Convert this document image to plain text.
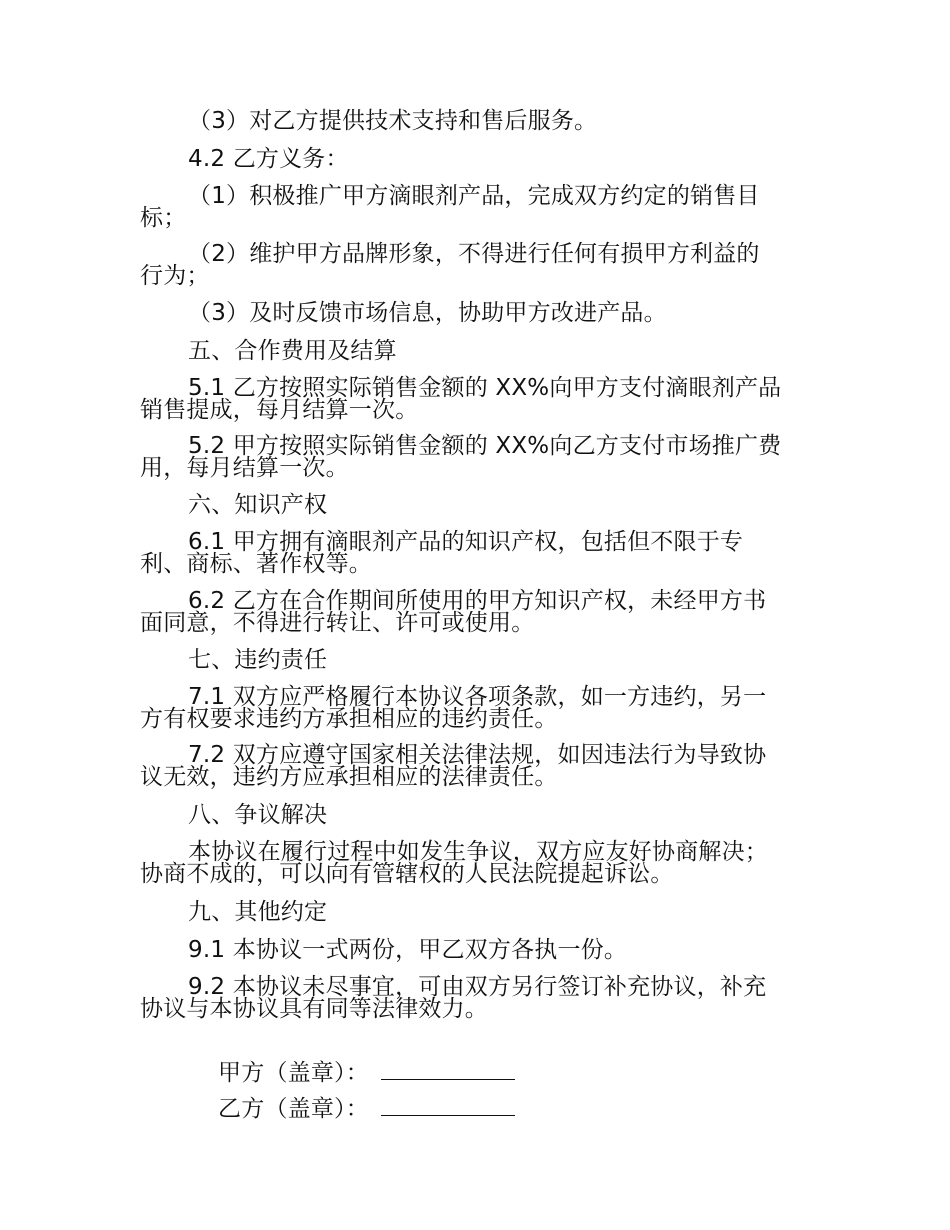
（3）对乙方提供技术支持和售后服务。
4.2 乙方义务：
（1）积极推广甲方滴眼剂产品，完成双方约定的销售目
标；
（2）维护甲方品牌形象，不得进行任何有损甲方利益的
行为；
（3）及时反馈市场信息，协助甲方改进产品。
五、合作费用及结算
5.1 乙方按照实际销售金额的 XX%向甲方支付滴眼剂产品
销售提成，每月结算一次。
5.2 甲方按照实际销售金额的 XX%向乙方支付市场推广费
用，每月结算一次。
六、知识产权
6.1 甲方拥有滴眼剂产品的知识产权，包括但不限于专
利、商标、著作权等。
6.2 乙方在合作期间所使用的甲方知识产权，未经甲方书
面同意，不得进行转让、许可或使用。
七、违约责任
7.1 双方应严格履行本协议各项条款，如一方违约，另一
方有权要求违约方承担相应的违约责任。
7.2 双方应遵守国家相关法律法规，如因违法行为导致协
议无效，违约方应承担相应的法律责任。
八、争议解决
本协议在履行过程中如发生争议，双方应友好协商解决；
协商不成的，可以向有管辖权的人民法院提起诉讼。
九、其他约定
9.1 本协议一式两份，甲乙双方各执一份。
9.2 本协议未尽事宜，可由双方另行签订补充协议，补充
协议与本协议具有同等法律效力。

甲方（盖章）：

乙方（盖章）：
